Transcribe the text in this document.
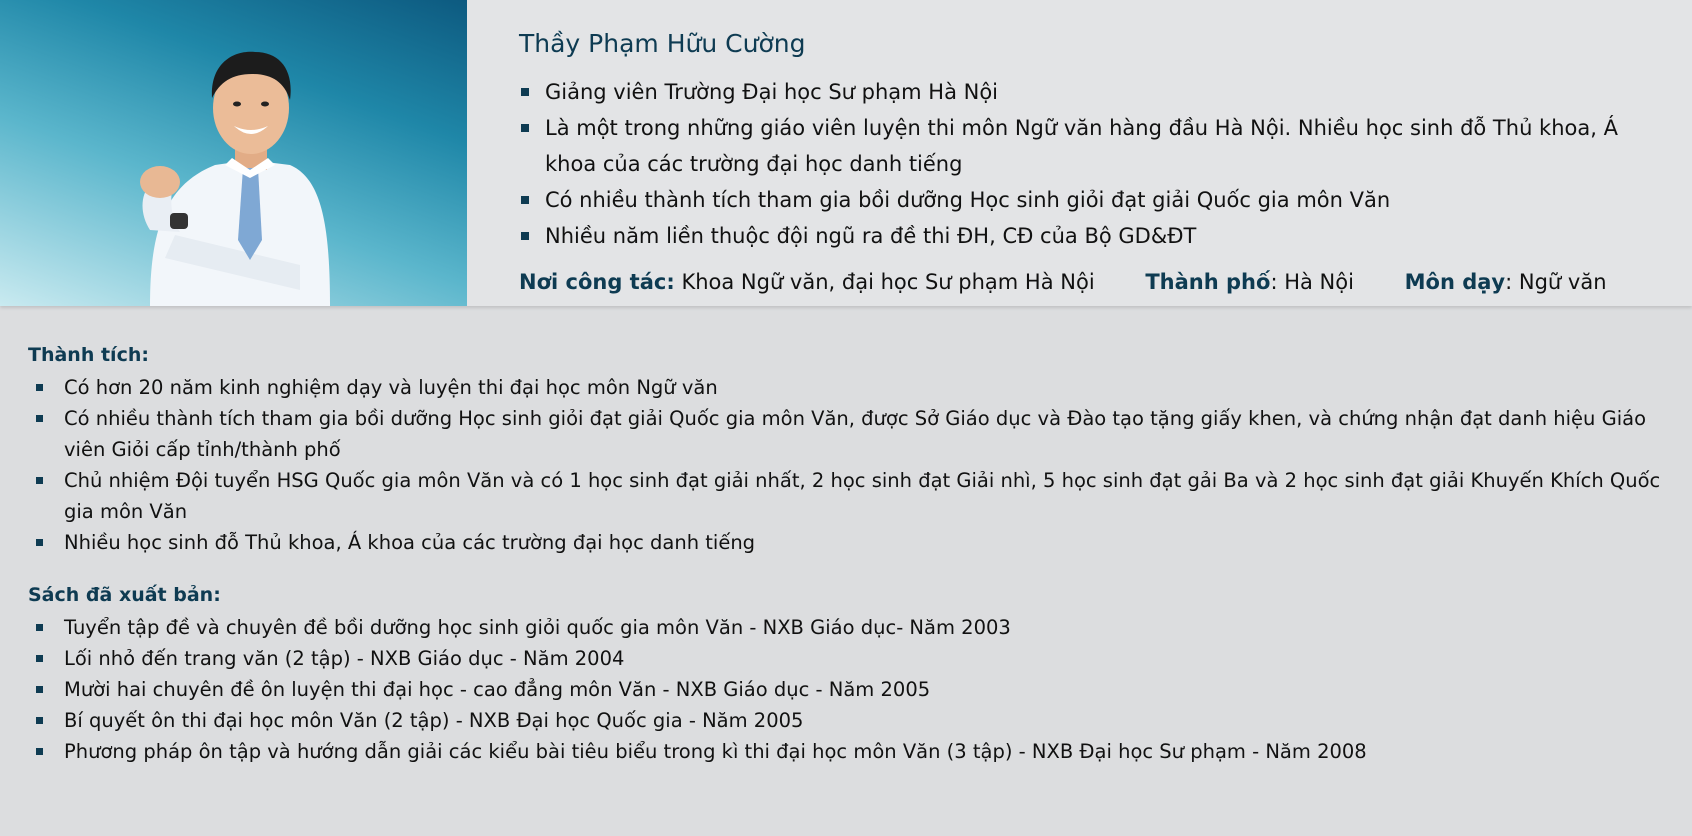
Thầy Phạm Hữu Cường
Giảng viên Trường Đại học Sư phạm Hà Nội
Là một trong những giáo viên luyện thi môn Ngữ văn hàng đầu Hà Nội. Nhiều học sinh đỗ Thủ khoa, Á khoa của các trường đại học danh tiếng
Có nhiều thành tích tham gia bồi dưỡng Học sinh giỏi đạt giải Quốc gia môn Văn
Nhiều năm liền thuộc đội ngũ ra đề thi ĐH, CĐ của Bộ GD&ĐT
Nơi công tác: Khoa Ngữ văn, đại học Sư phạm Hà Nội Thành phố: Hà Nội Môn dạy: Ngữ văn
Thành tích:
Có hơn 20 năm kinh nghiệm dạy và luyện thi đại học môn Ngữ văn
Có nhiều thành tích tham gia bồi dưỡng Học sinh giỏi đạt giải Quốc gia môn Văn, được Sở Giáo dục và Đào tạo tặng giấy khen, và chứng nhận đạt danh hiệu Giáo viên Giỏi cấp tỉnh/thành phố
Chủ nhiệm Đội tuyển HSG Quốc gia môn Văn và có 1 học sinh đạt giải nhất, 2 học sinh đạt Giải nhì, 5 học sinh đạt gải Ba và 2 học sinh đạt giải Khuyến Khích Quốc gia môn Văn
Nhiều học sinh đỗ Thủ khoa, Á khoa của các trường đại học danh tiếng
Sách đã xuất bản:
Tuyển tập đề và chuyên đề bồi dưỡng học sinh giỏi quốc gia môn Văn - NXB Giáo dục- Năm 2003
Lối nhỏ đến trang văn (2 tập) - NXB Giáo dục - Năm 2004
Mười hai chuyên đề ôn luyện thi đại học - cao đẳng môn Văn - NXB Giáo dục - Năm 2005
Bí quyết ôn thi đại học môn Văn (2 tập) - NXB Đại học Quốc gia - Năm 2005
Phương pháp ôn tập và hướng dẫn giải các kiểu bài tiêu biểu trong kì thi đại học môn Văn (3 tập) - NXB Đại học Sư phạm - Năm 2008
